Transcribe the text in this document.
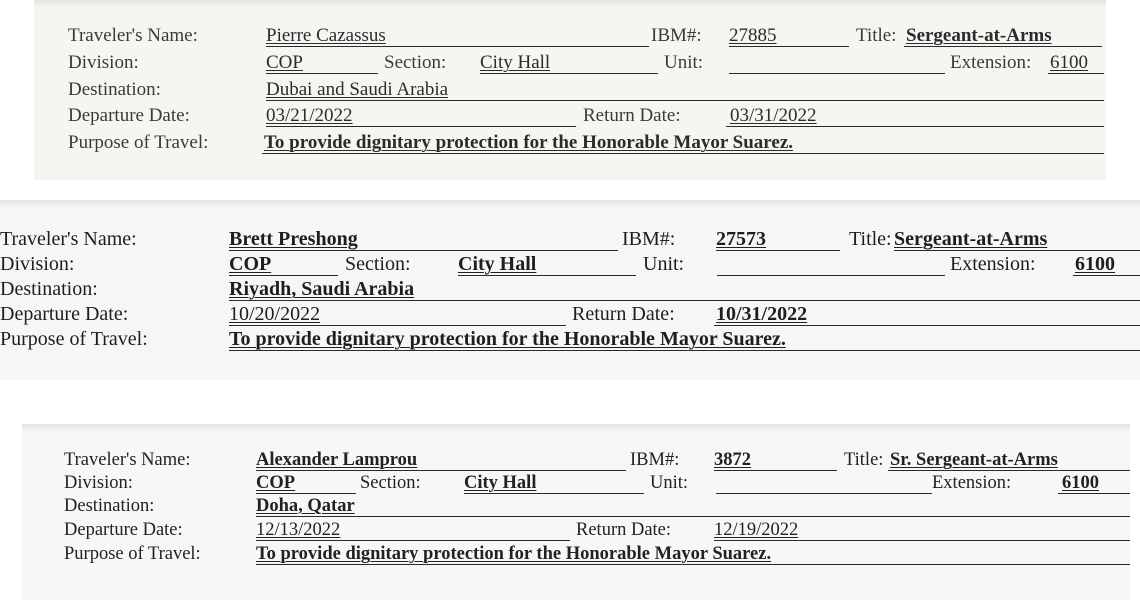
Traveler's Name:	Pierre Cazassus	IBM#: 27885	Title: Sergeant-at-Arms
Division:	COP	Section: City Hall	Unit:	Extension: 6100
Destination:	Dubai and Saudi Arabia
Departure Date:	03/21/2022	Return Date:	03/31/2022
Purpose of Travel:	To provide dignitary protection for the Honorable Mayor Suarez.
Traveler's Name:	Brett Preshong	IBM#: 27573	Title: Sergeant-at-Arms
Division:	COP	Section: City Hall	Unit:	Extension: 6100
Destination:	Riyadh, Saudi Arabia
Departure Date:	10/20/2022	Return Date: 10/31/2022
Purpose of Travel:	To provide dignitary protection for the Honorable Mayor Suarez.
Traveler's Name:	Alexander Lamprou	IBM#: 3872	Title: Sr. Sergeant-at-Arms
Division:	COP	Section: City Hall	Unit:	Extension:	6100
Destination:	Doha, Qatar
Departure Date:	12/13/2022	Return Date: 12/19/2022
Purpose of Travel:	To provide dignitary protection for the Honorable Mayor Suarez.
